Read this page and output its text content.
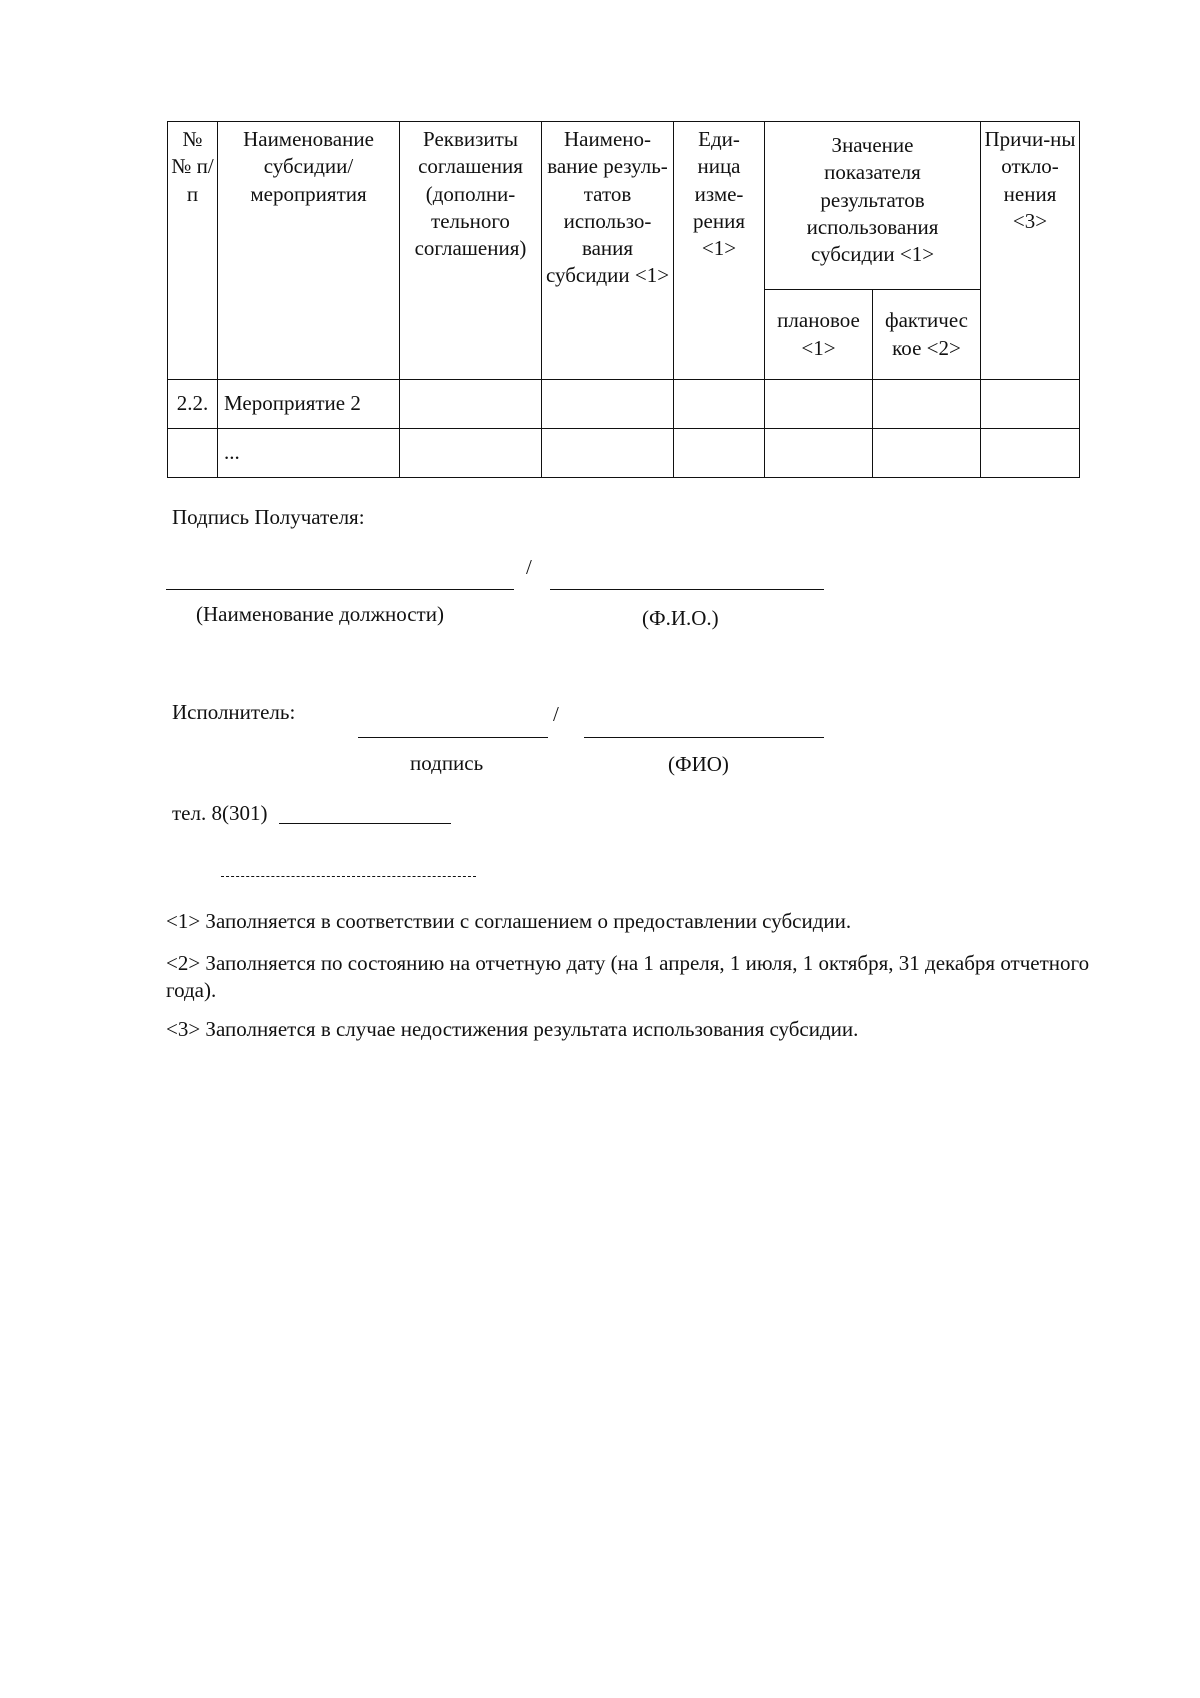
№ № п/п	Наименование субсидии/ мероприятия	Реквизиты соглашения (дополни-тельного соглашения)	Наимено-вание резуль-татов использо-вания субсидии <1>	Еди-ница изме-рения <1>	Значение показателя результатов использования субсидии <1>		Причи-ны откло-нения <3>
					плановое <1>	фактичес кое <2>	
2.2.	Мероприятие 2						
	...						
Подпись Получателя:
/
(Наименование должности)	(Ф.И.О.)
Исполнитель:	/
подпись	(ФИО)
тел. 8(301)
<1> Заполняется в соответствии с соглашением о предоставлении субсидии.
<2> Заполняется по состоянию на отчетную дату (на 1 апреля, 1 июля, 1 октября, 31 декабря отчетного года).
<3> Заполняется в случае недостижения результата использования субсидии.
